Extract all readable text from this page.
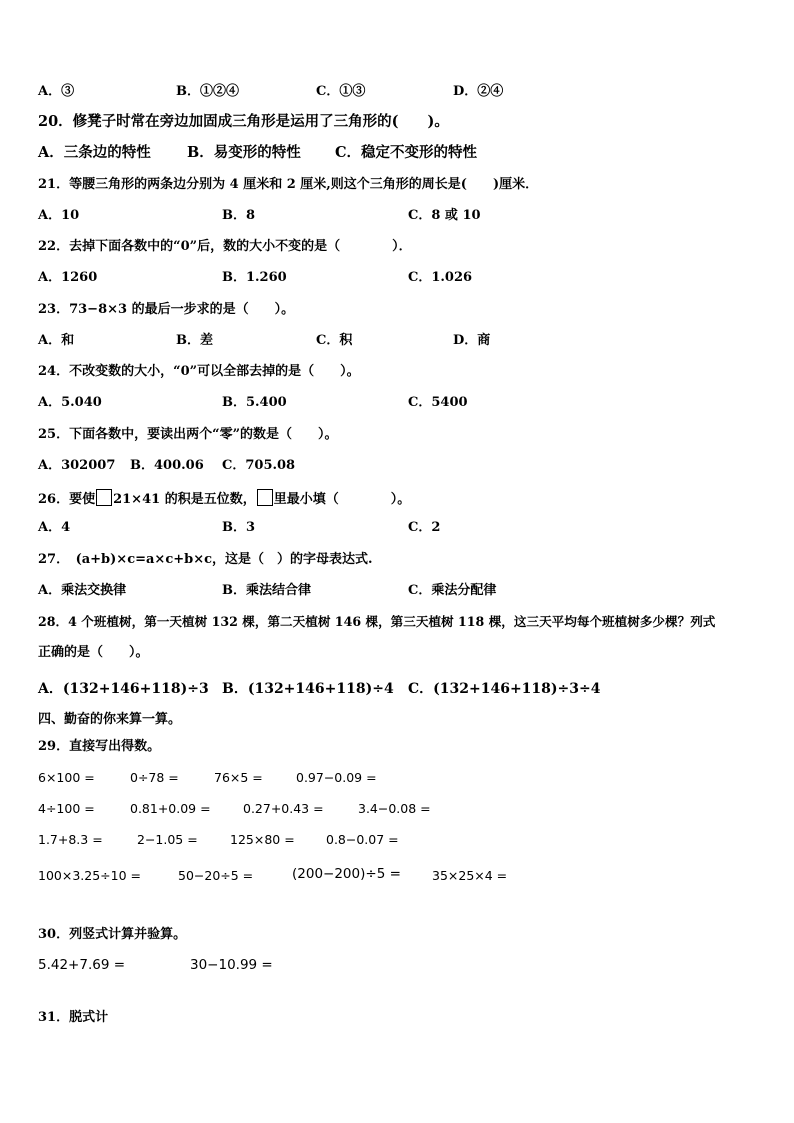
A．③	B．①②④	C．①③	D．②④
20．修凳子时常在旁边加固成三角形是运用了三角形的(　　)。
A．三条边的特性	B．易变形的特性 C．稳定不变形的特性
21．等腰三角形的两条边分别为 4 厘米和 2 厘米,则这个三角形的周长是(　　)厘米．
A．10	B．8	C．8 或 10
22．去掉下面各数中的“0”后，数的大小不变的是（　　　　）．
A．1260	B．1.260	C．1.026
23．73−8×3 的最后一步求的是（　　）。
A．和	B．差	C．积	D．商
24．不改变数的大小，“0”可以全部去掉的是（　　）。
A．5.040	B．5.400	C．5400
25．下面各数中，要读出两个“零”的数是（　　）。
A．302007 B．400.06 C．705.08
26．要使 21×41 的积是五位数， 里最小填（　　　　）。
A．4	B．3	C．2
27．　(a+b)×c=a×c+b×c，这是（　）的字母表达式.
A．乘法交换律	B．乘法结合律	C．乘法分配律
28．4 个班植树，第一天植树 132 棵，第二天植树 146 棵，第三天植树 118 棵，这三天平均每个班植树多少棵？列式
正确的是（　　）。
A．(132+146+118)÷3 B．(132+146+118)÷4 C．(132+146+118)÷3÷4
四、勤奋的你来算一算。
29．直接写出得数。
6×100 =	0÷78 =	76×5 =	0.97−0.09 =
4÷100 =	0.81+0.09 =	0.27+0.43 =	3.4−0.08 =
1.7+8.3 =	2−1.05 =	125×80 =	0.8−0.07 =
100×3.25÷10 =	50−20÷5 =	(200−200)÷5 = 35×25×4 =
30．列竖式计算并验算。
5.42+7.69 =	30−10.99 =
31．脱式计
